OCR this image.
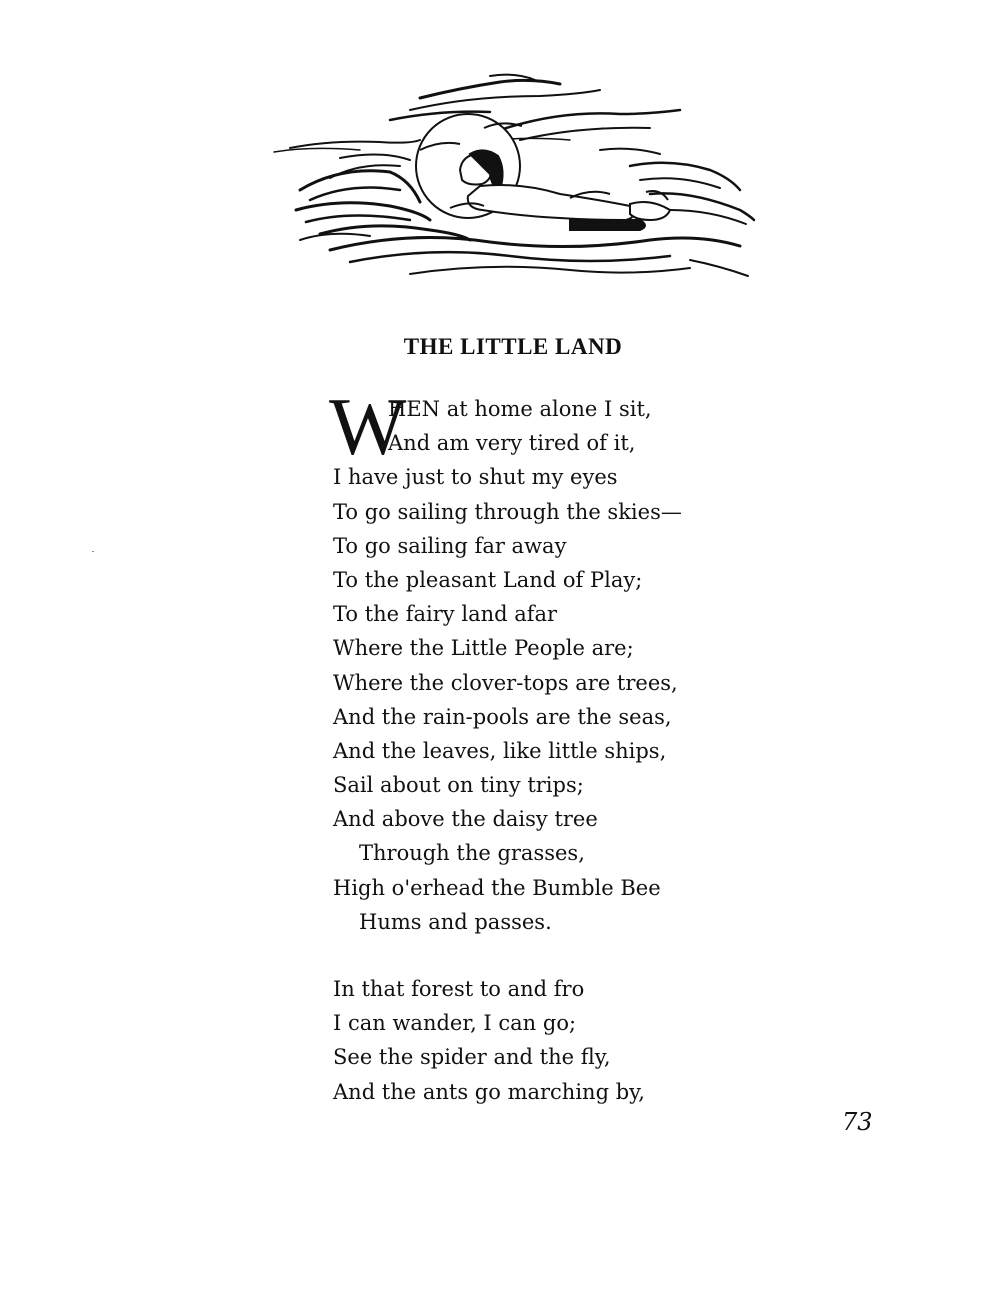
THE LITTLE LAND
W
HEN at home alone I sit,
And am very tired of it,
I have just to shut my eyes
To go sailing through the skies—
To go sailing far away
To the pleasant Land of Play;
To the fairy land afar
Where the Little People are;
Where the clover-tops are trees,
And the rain-pools are the seas,
And the leaves, like little ships,
Sail about on tiny trips;
And above the daisy tree
Through the grasses,
High o'erhead the Bumble Bee
Hums and passes.
In that forest to and fro
I can wander, I can go;
See the spider and the fly,
And the ants go marching by,
73
